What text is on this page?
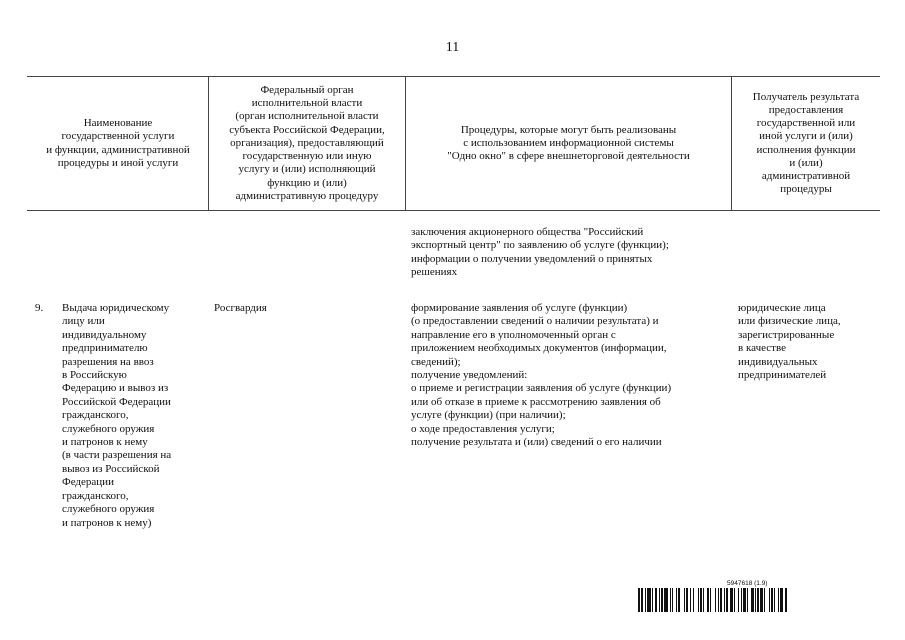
11
Наименование
государственной услуги
и функции, административной
процедуры и иной услуги
Федеральный орган
исполнительной власти
(орган исполнительной власти
субъекта Российской Федерации,
организация), предоставляющий
государственную или иную
услугу и (или) исполняющий
функцию и (или)
административную процедуру
Процедуры, которые могут быть реализованы
с использованием информационной системы
"Одно окно" в сфере внешнеторговой деятельности
Получатель результата
предоставления
государственной или
иной услуги и (или)
исполнения функции
и (или)
административной
процедуры
заключения акционерного общества "Российский
экспортный центр" по заявлению об услуге (функции);
информации о получении уведомлений о принятых
решениях
9. Выдача юридическому
лицу или
индивидуальному
предпринимателю
разрешения на ввоз
в Российскую
Федерацию и вывоз из
Российской Федерации
гражданского,
служебного оружия
и патронов к нему
(в части разрешения на
вывоз из Российской
Федерации
гражданского,
служебного оружия
и патронов к нему)
Росгвардия	формирование заявления об услуге (функции)
(о предоставлении сведений о наличии результата) и
направление его в уполномоченный орган с
приложением необходимых документов (информации,
сведений);
получение уведомлений:
о приеме и регистрации заявления об услуге (функции)
или об отказе в приеме к рассмотрению заявления об
услуге (функции) (при наличии);
о ходе предоставления услуги;
получение результата и (или) сведений о его наличии
юридические лица
или физические лица,
зарегистрированные
в качестве
индивидуальных
предпринимателей
5947618 (1.9)
